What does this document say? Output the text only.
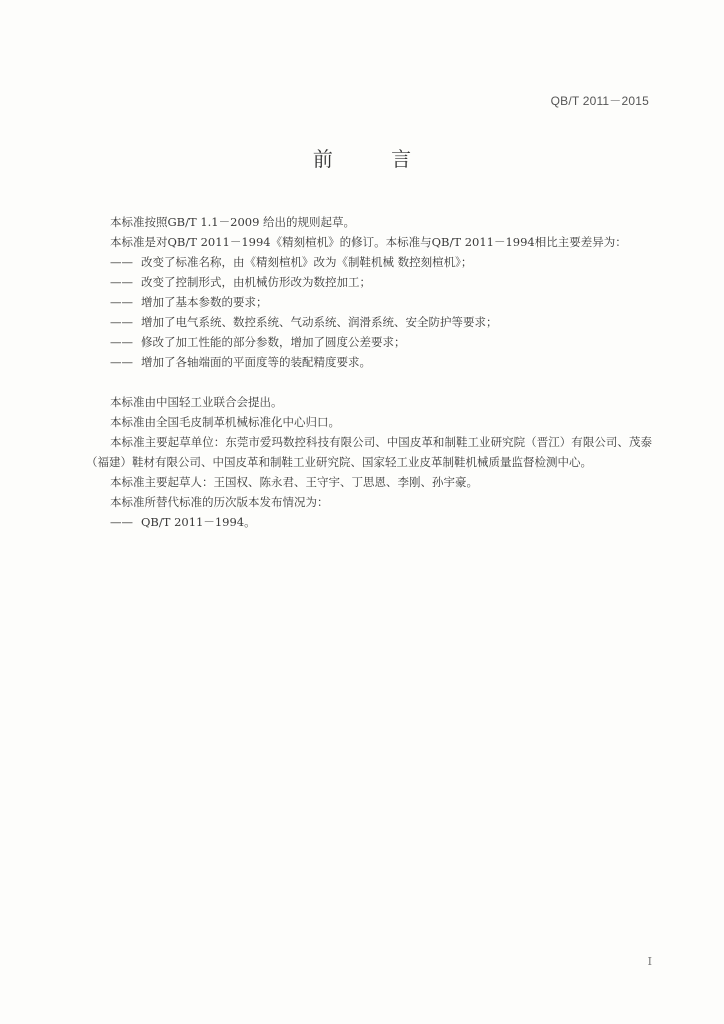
QB/T 2011－2015
前 言

本标准按照GB/T 1.1－2009 给出的规则起草。

本标准是对QB/T 2011－1994《精刻楦机》的修订。本标准与QB/T 2011－1994相比主要差异为：

—— 改变了标准名称，由《精刻楦机》改为《制鞋机械 数控刻楦机》；

—— 改变了控制形式，由机械仿形改为数控加工；

—— 增加了基本参数的要求；

—— 增加了电气系统、数控系统、气动系统、润滑系统、安全防护等要求；

—— 修改了加工性能的部分参数，增加了圆度公差要求；

—— 增加了各轴端面的平面度等的装配精度要求。

本标准由中国轻工业联合会提出。

本标准由全国毛皮制革机械标准化中心归口。

本标准主要起草单位：东莞市爱玛数控科技有限公司、中国皮革和制鞋工业研究院（晋江）有限公司、茂泰（福建）鞋材有限公司、中国皮革和制鞋工业研究院、国家轻工业皮革制鞋机械质量监督检测中心。

本标准主要起草人：王国权、陈永君、王守宇、丁思恩、李刚、孙宇豪。

本标准所替代标准的历次版本发布情况为：

—— QB/T 2011－1994。

I
